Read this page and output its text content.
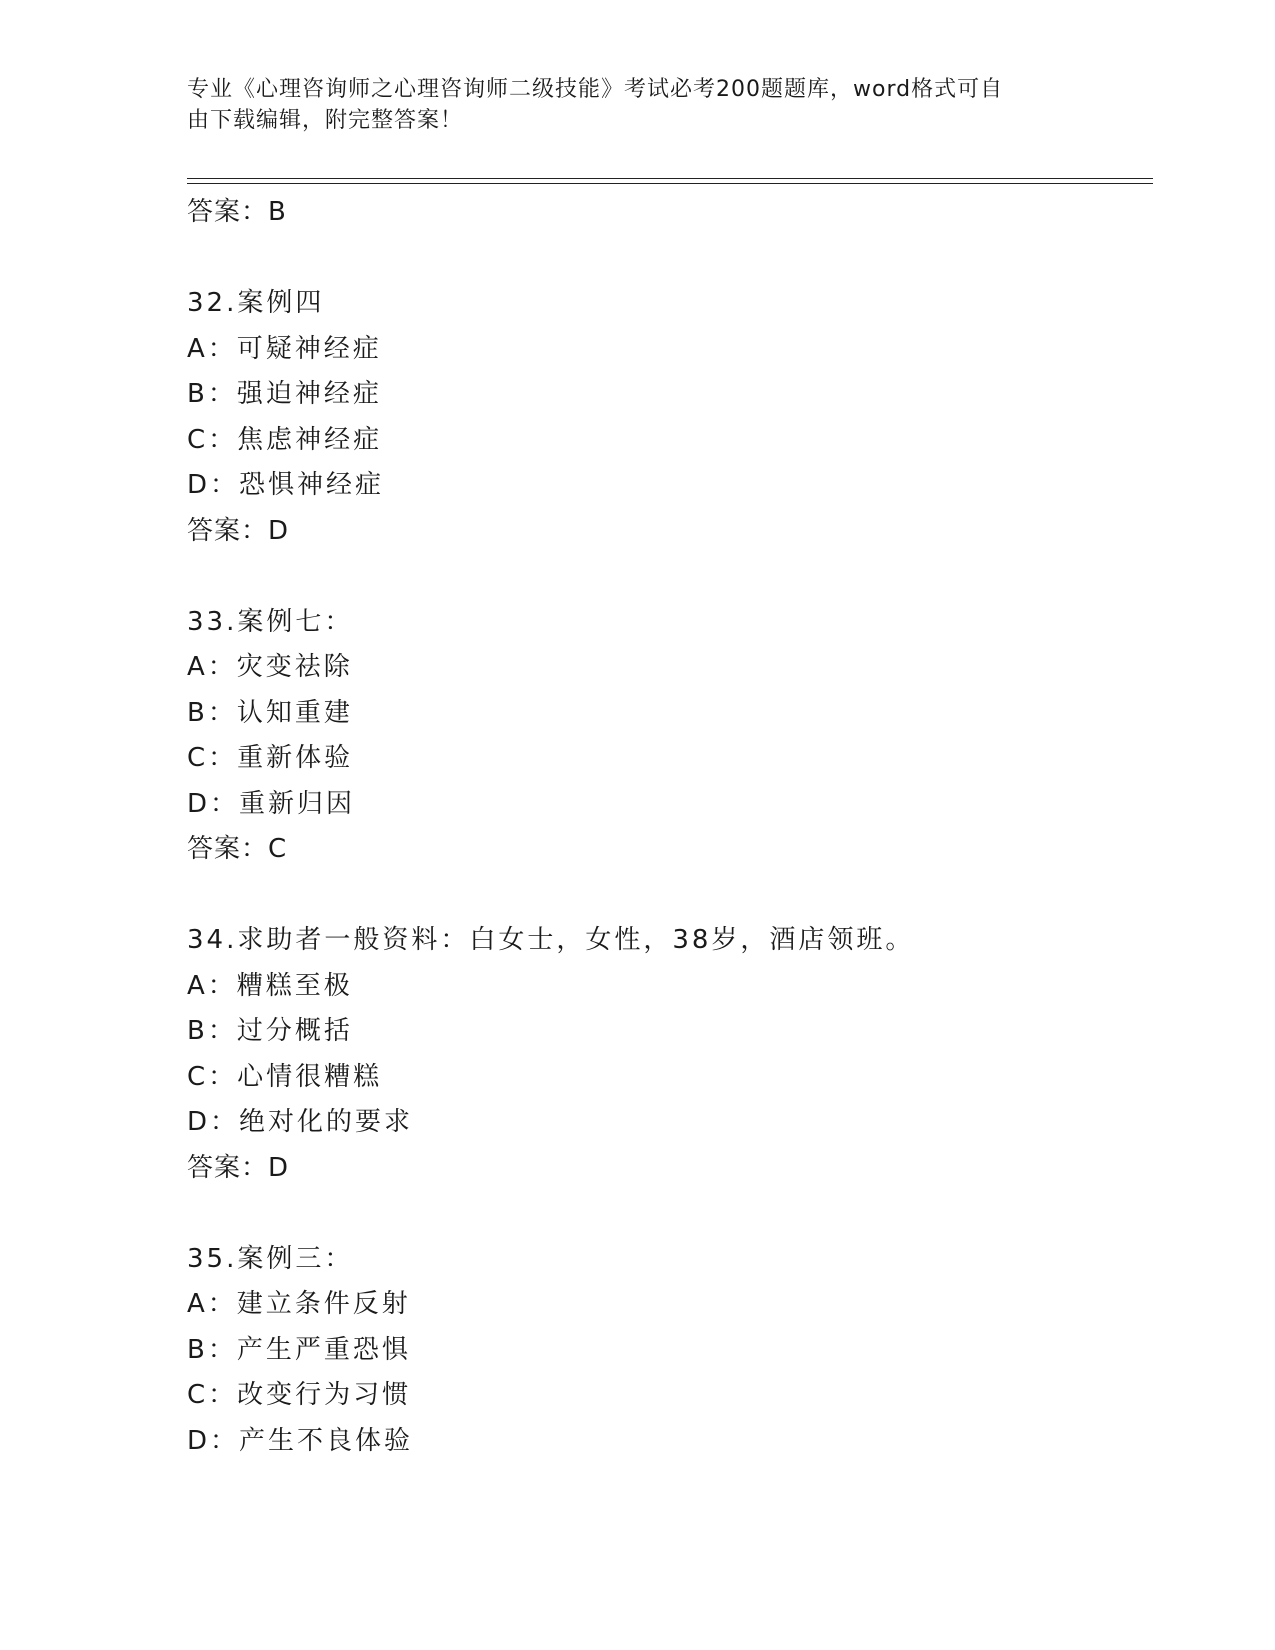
专业《心理咨询师之心理咨询师二级技能》考试必考200题题库，word格式可自
由下载编辑，附完整答案！
答案：B
32.案例四
A：可疑神经症
B：强迫神经症
C：焦虑神经症
D：恐惧神经症
答案：D
33.案例七：
A：灾变祛除
B：认知重建
C：重新体验
D：重新归因
答案：C
34.求助者一般资料：白女士，女性，38岁，酒店领班。
A：糟糕至极
B：过分概括
C：心情很糟糕
D：绝对化的要求
答案：D
35.案例三：
A：建立条件反射
B：产生严重恐惧
C：改变行为习惯
D：产生不良体验
